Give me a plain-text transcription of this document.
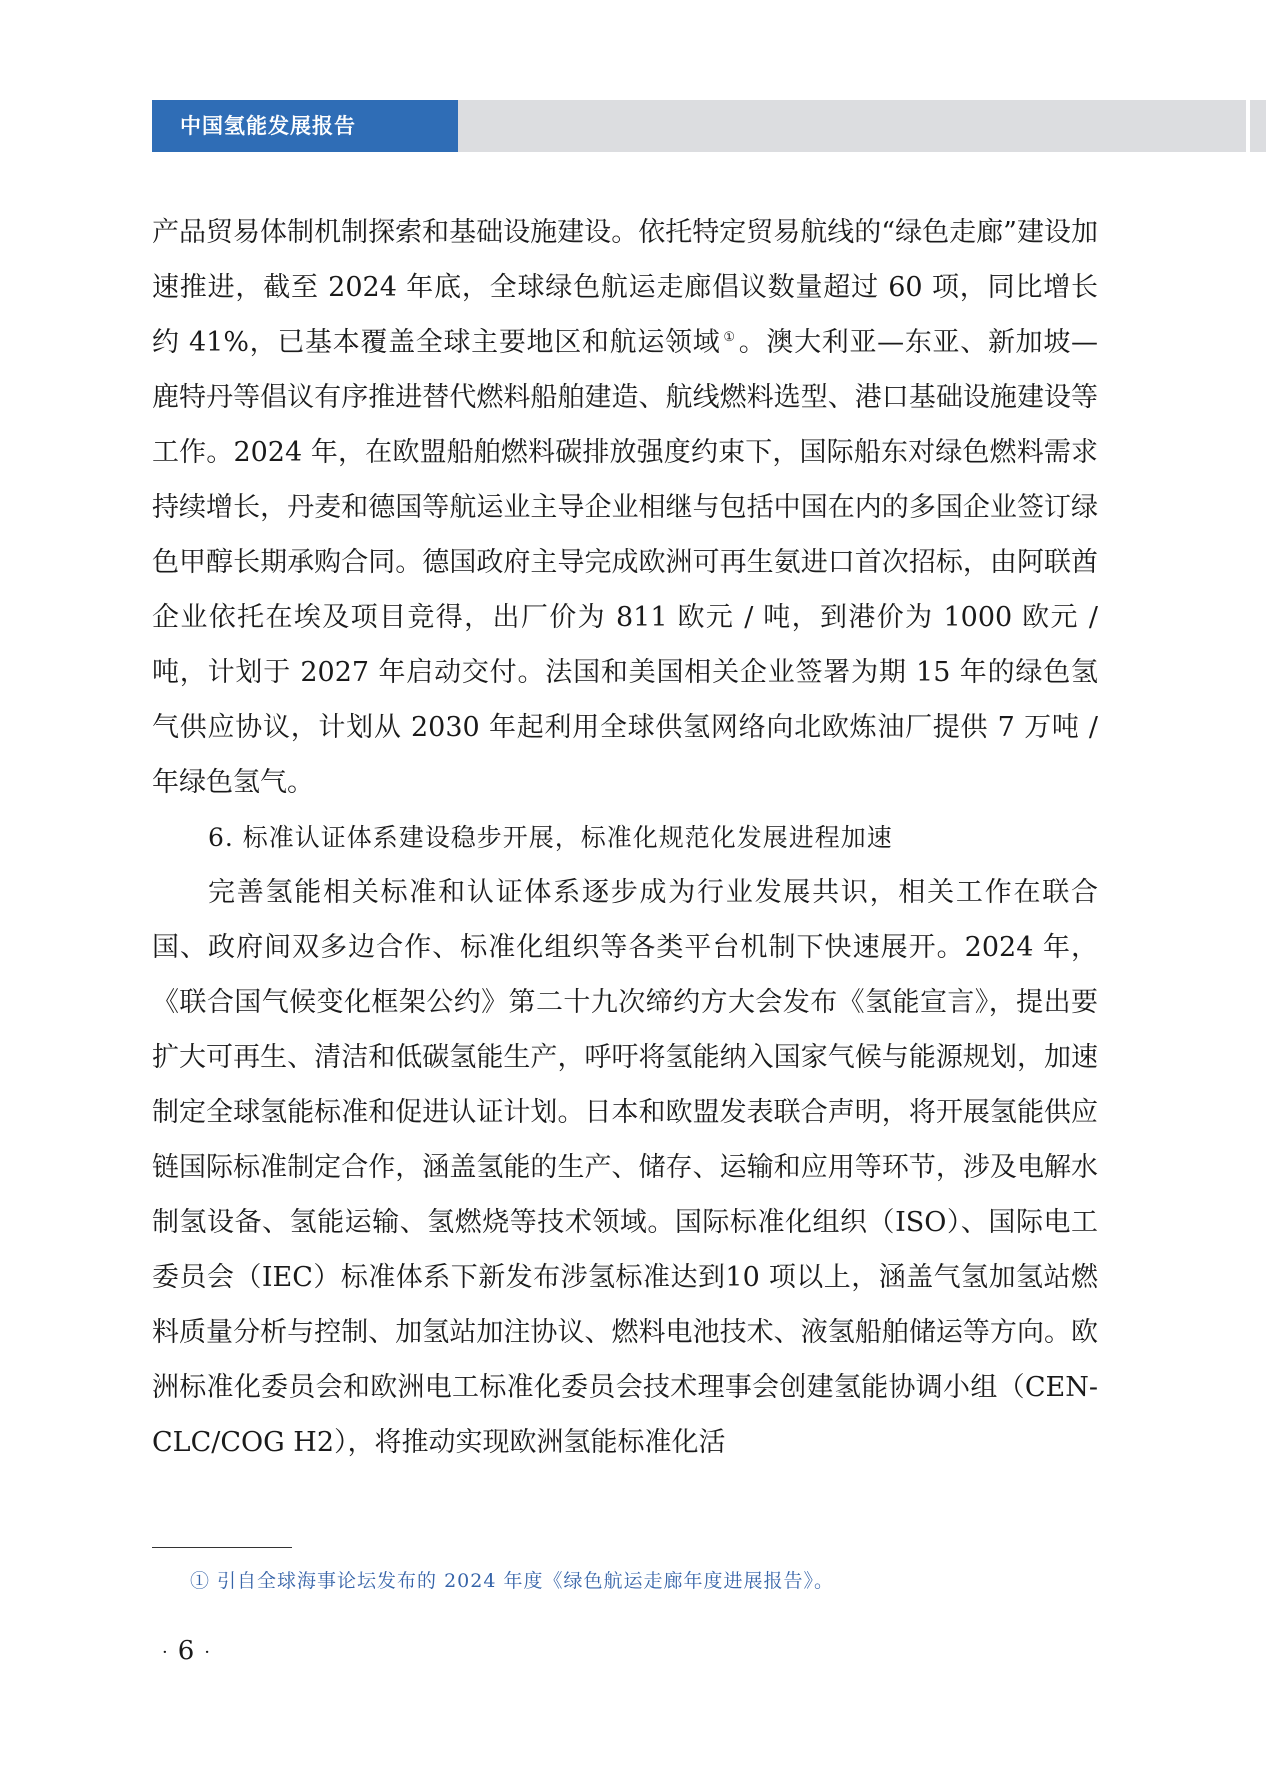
中国氢能发展报告

产品贸易体制机制探索和基础设施建设。依托特定贸易航线的“绿色走廊”建设加速推进，截至 2024 年底，全球绿色航运走廊倡议数量超过 60 项，同比增长约 41%，已基本覆盖全球主要地区和航运领域 ① 。澳大利亚—东亚、新加坡—鹿特丹等倡议有序推进替代燃料船舶建造、航线燃料选型、港口基础设施建设等工作。2024 年，在欧盟船舶燃料碳排放强度约束下，国际船东对绿色燃料需求持续增长，丹麦和德国等航运业主导企业相继与包括中国在内的多国企业签订绿色甲醇长期承购合同。德国政府主导完成欧洲可再生氨进口首次招标，由阿联酋企业依托在埃及项目竞得，出厂价为 811 欧元 / 吨，到港价为 1000 欧元 / 吨，计划于 2027 年启动交付。法国和美国相关企业签署为期 15 年的绿色氢气供应协议，计划从 2030 年起利用全球供氢网络向北欧炼油厂提供 7 万吨 / 年绿色氢气。

6. 标准认证体系建设稳步开展，标准化规范化发展进程加速

完善氢能相关标准和认证体系逐步成为行业发展共识，相关工作在联合国、政府间双多边合作、标准化组织等各类平台机制下快速展开。2024 年，《联合国气候变化框架公约》第二十九次缔约方大会发布《氢能宣言》，提出要扩大可再生、清洁和低碳氢能生产，呼吁将氢能纳入国家气候与能源规划，加速制定全球氢能标准和促进认证计划。日本和欧盟发表联合声明，将开展氢能供应链国际标准制定合作，涵盖氢能的生产、储存、运输和应用等环节，涉及电解水制氢设备、氢能运输、氢燃烧等技术领域。国际标准化组织（ISO）、国际电工委员会（IEC）标准体系下新发布涉氢标准达到10 项以上，涵盖气氢加氢站燃料质量分析与控制、加氢站加注协议、燃料电池技术、液氢船舶储运等方向。欧洲标准化委员会和欧洲电工标准化委员会技术理事会创建氢能协调小组（CEN-CLC/COG H2），将推动实现欧洲氢能标准化活

① 引自全球海事论坛发布的 2024 年度《绿色航运走廊年度进展报告》。
· 6 ·
